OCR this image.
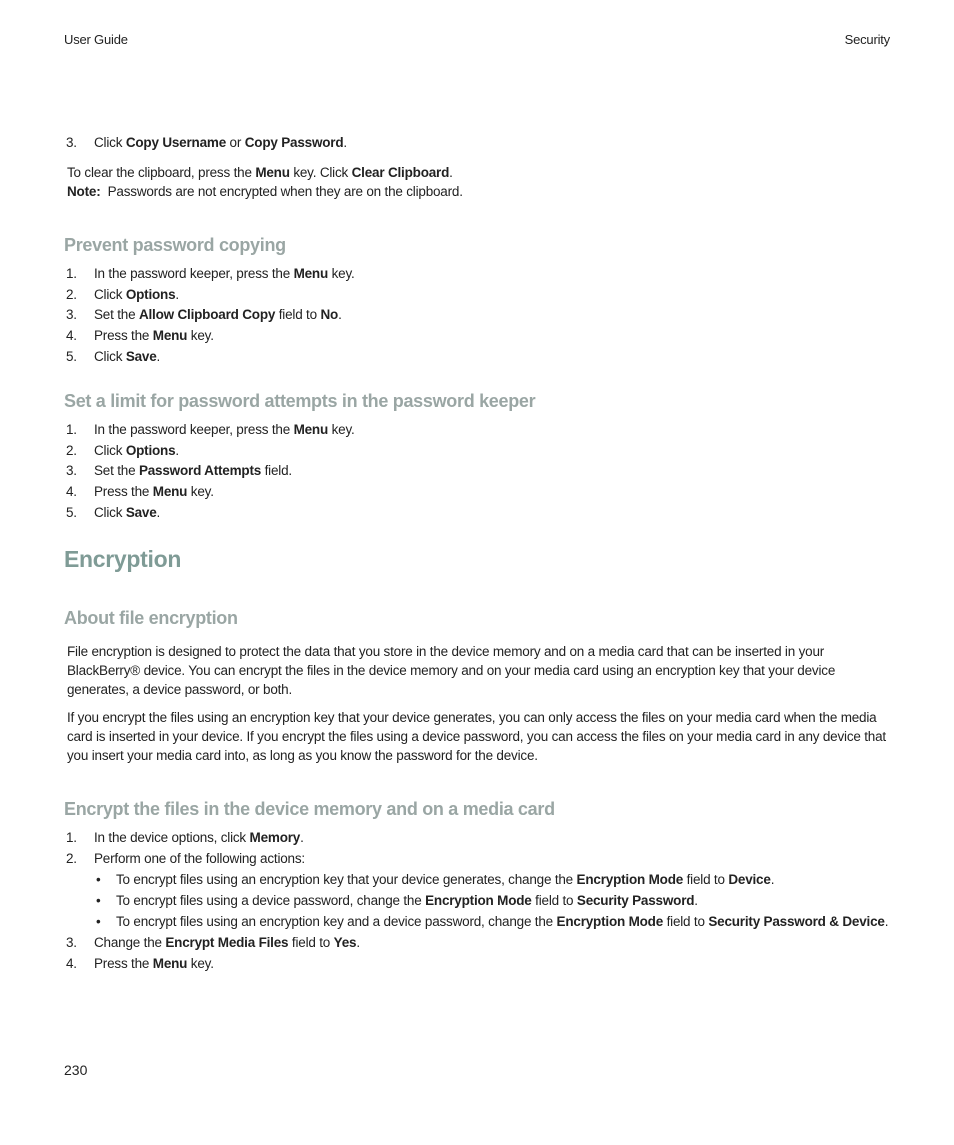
User Guide	Security
3. Click Copy Username or Copy Password.

To clear the clipboard, press the Menu key. Click Clear Clipboard.

Note:  Passwords are not encrypted when they are on the clipboard.

Prevent password copying
1. In the password keeper, press the Menu key.
2. Click Options.
3. Set the Allow Clipboard Copy field to No.
4. Press the Menu key.
5. Click Save.
Set a limit for password attempts in the password keeper
1. In the password keeper, press the Menu key.
2. Click Options.
3. Set the Password Attempts field.
4. Press the Menu key.
5. Click Save.
Encryption
About file encryption

File encryption is designed to protect the data that you store in the device memory and on a media card that can be inserted in your BlackBerry® device. You can encrypt the files in the device memory and on your media card using an encryption key that your device generates, a device password, or both.

If you encrypt the files using an encryption key that your device generates, you can only access the files on your media card when the media card is inserted in your device. If you encrypt the files using a device password, you can access the files on your media card in any device that you insert your media card into, as long as you know the password for the device.

Encrypt the files in the device memory and on a media card
1. In the device options, click Memory.
2. Perform one of the following actions:
• To encrypt files using an encryption key that your device generates, change the Encryption Mode field to Device.
• To encrypt files using a device password, change the Encryption Mode field to Security Password.
• To encrypt files using an encryption key and a device password, change the Encryption Mode field to Security Password & Device.
3. Change the Encrypt Media Files field to Yes.
4. Press the Menu key.
230
